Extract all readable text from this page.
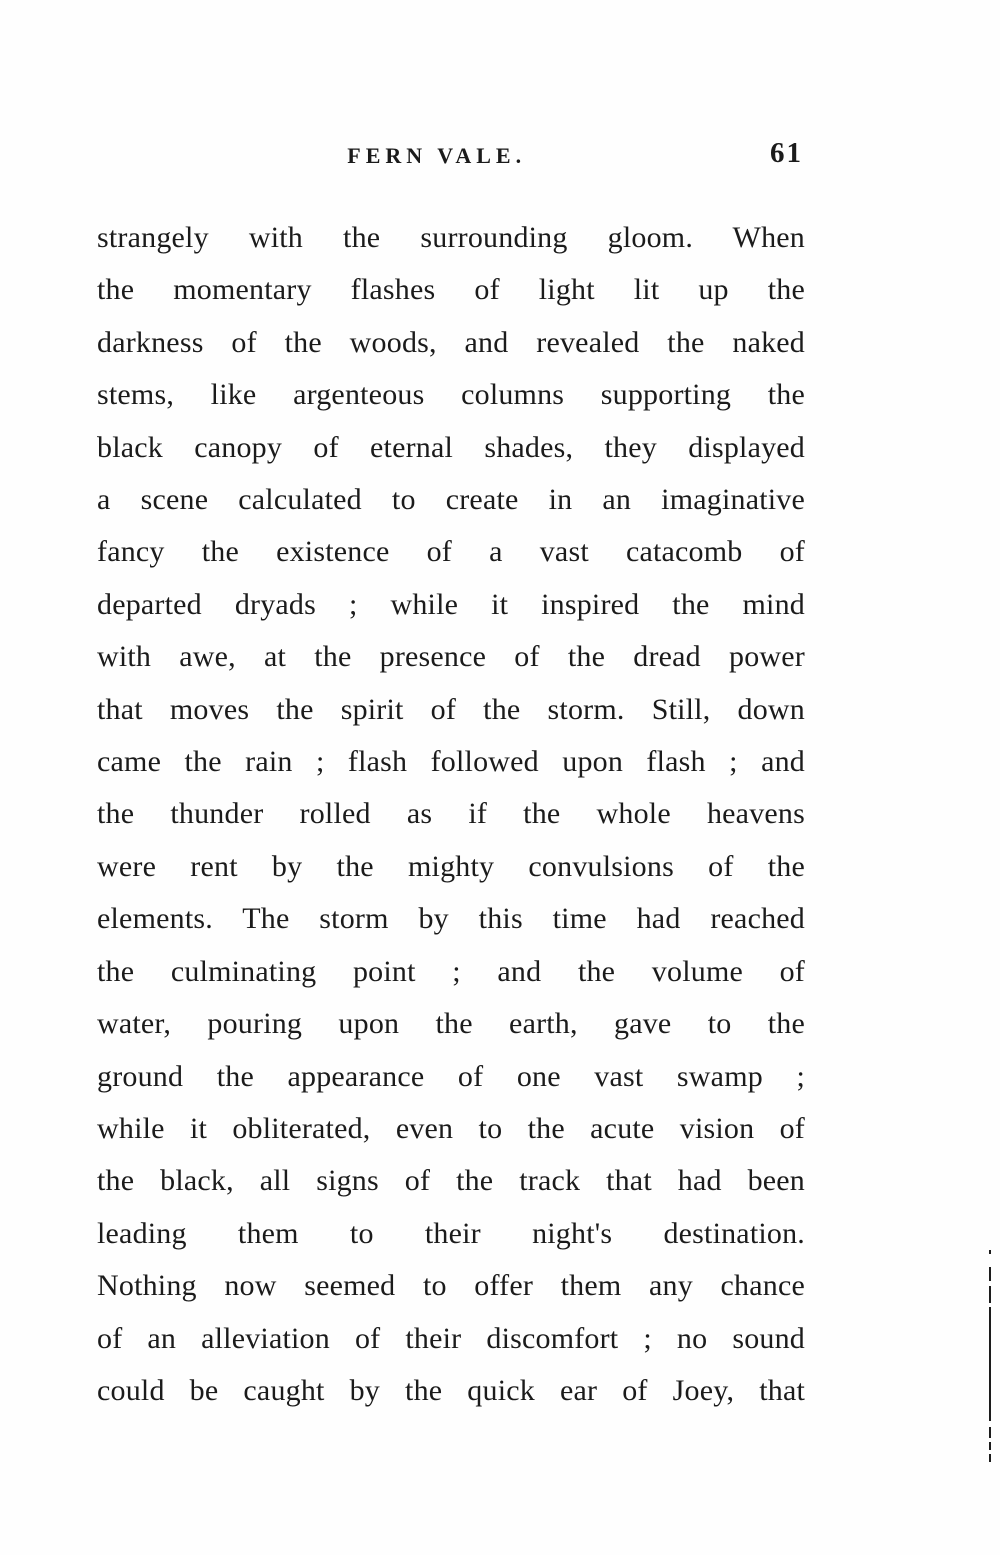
FERN VALE.	61
strangely with the surrounding gloom. When
the momentary flashes of light lit up the
darkness of the woods, and revealed the naked
stems, like argenteous columns supporting the
black canopy of eternal shades, they displayed
a scene calculated to create in an imaginative
fancy the existence of a vast catacomb of
departed dryads ; while it inspired the mind
with awe, at the presence of the dread power
that moves the spirit of the storm. Still, down
came the rain ; flash followed upon flash ; and
the thunder rolled as if the whole heavens
were rent by the mighty convulsions of the
elements. The storm by this time had reached
the culminating point ; and the volume of
water, pouring upon the earth, gave to the
ground the appearance of one vast swamp ;
while it obliterated, even to the acute vision of
the black, all signs of the track that had been
leading them to their night's destination.
Nothing now seemed to offer them any chance
of an alleviation of their discomfort ; no sound
could be caught by the quick ear of Joey, that
